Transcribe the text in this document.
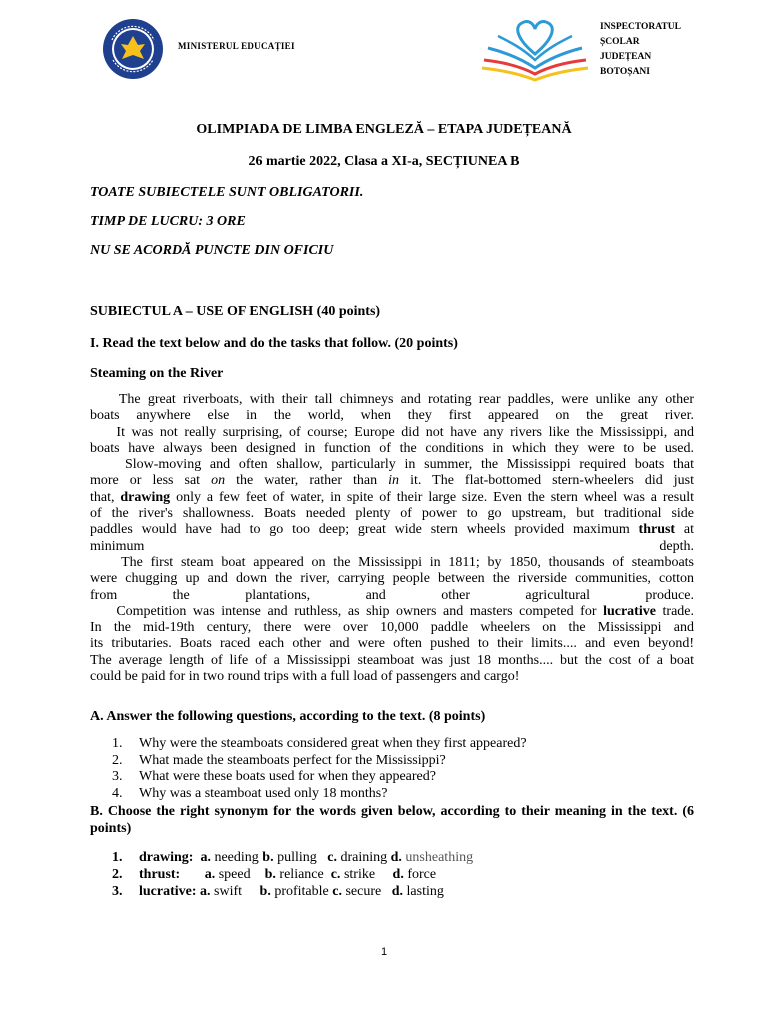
MINISTERUL EDUCAȚIEI
INSPECTORATUL
ȘCOLAR
JUDEȚEAN
BOTOȘANI
OLIMPIADA DE LIMBA ENGLEZĂ – ETAPA JUDEȚEANĂ
26 martie 2022, Clasa a XI-a, SECȚIUNEA B
TOATE SUBIECTELE SUNT OBLIGATORII.
TIMP DE LUCRU: 3 ORE
NU SE ACORDĂ PUNCTE DIN OFICIU
SUBIECTUL A – USE OF ENGLISH (40 points)
I. Read the text below and do the tasks that follow. (20 points)
Steaming on the River
The great riverboats, with their tall chimneys and rotating rear paddles, were unlike any other
boats anywhere else in the world, when they first appeared on the great river.
It was not really surprising, of course; Europe did not have any rivers like the Mississippi, and
boats have always been designed in function of the conditions in which they were to be used.
Slow-moving and often shallow, particularly in summer, the Mississippi required boats that
more or less sat on the water, rather than in it. The flat-bottomed stern-wheelers did just
that, drawing only a few feet of water, in spite of their large size. Even the stern wheel was a result
of the river's shallowness. Boats needed plenty of power to go upstream, but traditional side
paddles would have had to go too deep; great wide stern wheels provided maximum thrust at
minimum depth.
The first steam boat appeared on the Mississippi in 1811; by 1850, thousands of steamboats
were chugging up and down the river, carrying people between the riverside communities, cotton
from the plantations, and other agricultural produce.
Competition was intense and ruthless, as ship owners and masters competed for lucrative trade.
In the mid-19th century, there were over 10,000 paddle wheelers on the Mississippi and
its tributaries. Boats raced each other and were often pushed to their limits.... and even beyond!
The average length of life of a Mississippi steamboat was just 18 months.... but the cost of a boat
could be paid for in two round trips with a full load of passengers and cargo!
A. Answer the following questions, according to the text. (8 points)
1. Why were the steamboats considered great when they first appeared?
2. What made the steamboats perfect for the Mississippi?
3. What were these boats used for when they appeared?
4. Why was a steamboat used only 18 months?
B. Choose the right synonym for the words given below, according to their meaning in the text. (6 points)
1. drawing: a. needing b. pulling c. draining d. unsheathing
2. thrust: a. speed b. reliance c. strike d. force
3. lucrative: a. swift b. profitable c. secure d. lasting
1
